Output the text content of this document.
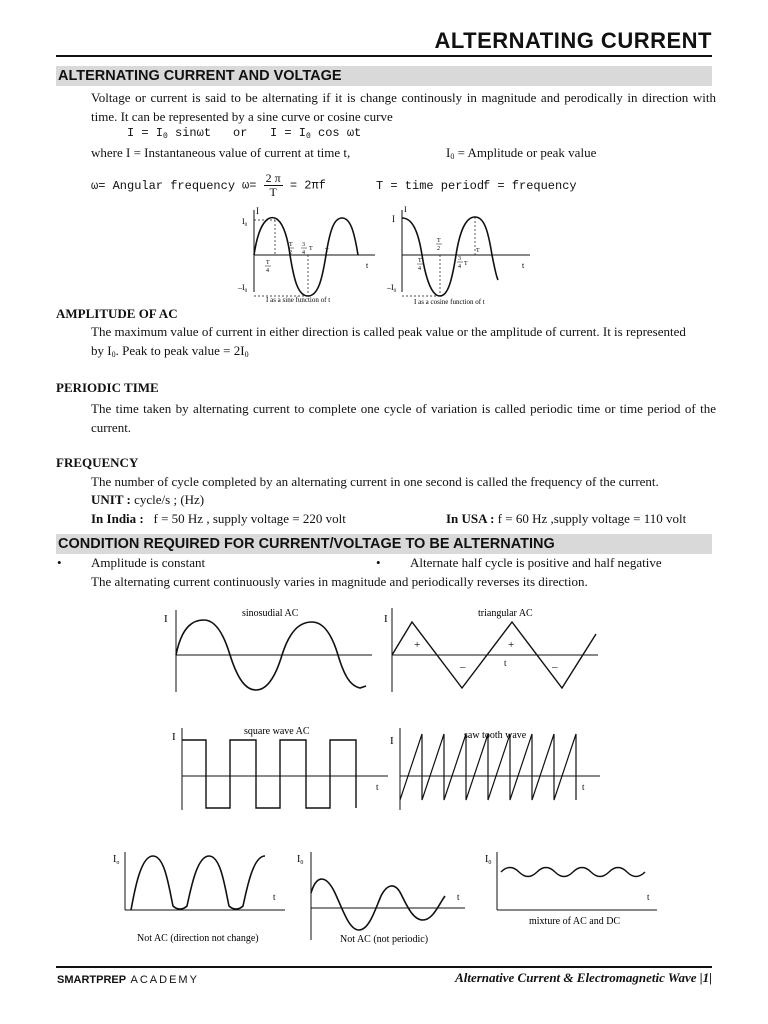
ALTERNATING CURRENT
ALTERNATING CURRENT AND VOLTAGE
Voltage or current is said to be alternating if it is change continously in magnitude and perodically in direction with time. It can be represented by a sine curve or cosine curve
$I = I_0$ sinωt or $I = I_0$ cos ωt
where I = Instantaneous value of current at time t,	$I_0$ = Amplitude or peak value
ω= Angular frequency $\omega= \frac{2 \pi}{T} = 2\pi f$	T = time period
f = frequency
I
$I_0$
$-I_0$
t
T
4
T
2
3
4
T T
I as a sine function of t
I
I
$-I_0$
t
T
4
T
2
3
4 T
T
I as a cosine function of t
AMPLITUDE OF AC
The maximum value of current in either direction is called peak value or the amplitude of current. It is represented
by $I_0$. Peak to peak value = $2I_0$
PERIODIC TIME
The time taken by alternating current to complete one cycle of variation is called periodic time or time period of the current.
FREQUENCY
The number of cycle completed by an alternating current in one second is called the frequency of the current.
UNIT : cycle/s ; (Hz)
In India : f = 50 Hz , supply voltage = 220 volt	In USA : f = 60 Hz ,supply voltage = 110 volt
CONDITION REQUIRED FOR CURRENT/VOLTAGE TO BE ALTERNATING
• Amplitude is constant	• Alternate half cycle is positive and half negative
The alternating current continuously varies in magnitude and periodically reverses its direction.
I	sinosudial AC	I	triangular AC
+	+
–	–
t
I	square wave AC
t
I	saw tooth wave
t
$I_o$
t
Not AC (direction not change)
$I_0$
t
Not AC (not periodic)
$I_0$
t
mixture of AC and DC
SMARTPREP ACADEMY	Alternative Current & Electromagnetic Wave |1|
